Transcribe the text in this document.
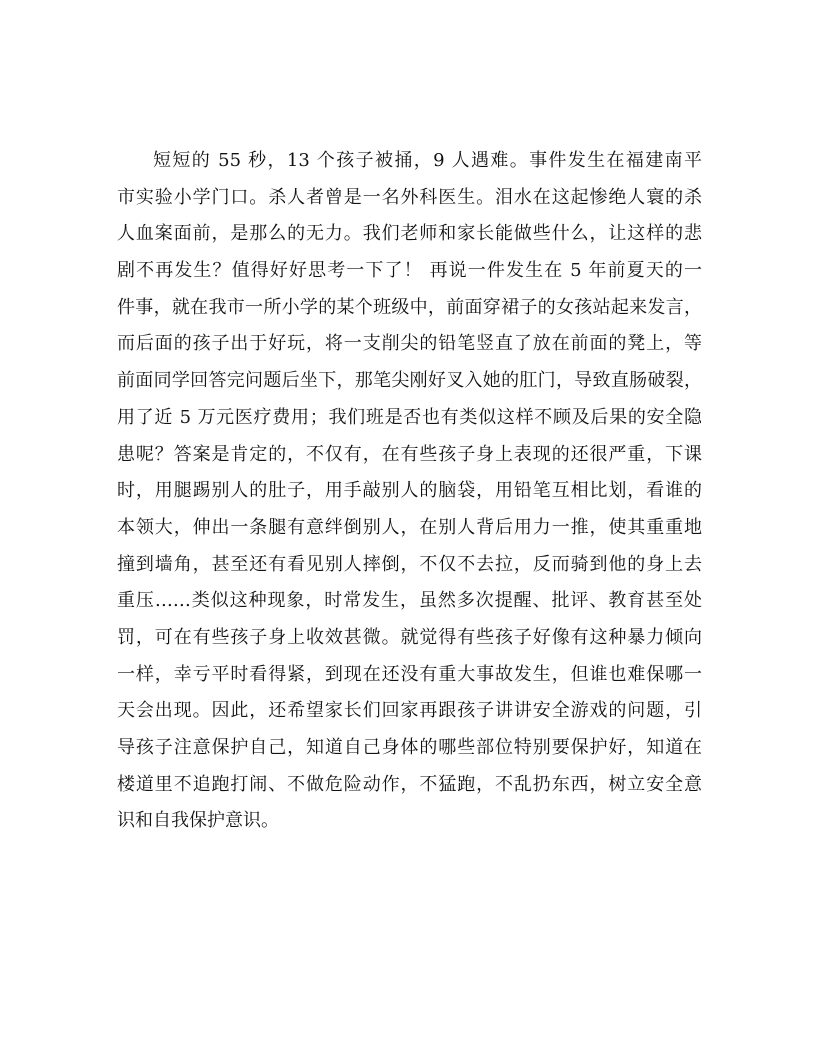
短短的 55 秒，13 个孩子被捅，9 人遇难。事件发生在福建南平
市实验小学门口。杀人者曾是一名外科医生。泪水在这起惨绝人寰的杀
人血案面前，是那么的无力。我们老师和家长能做些什么，让这样的悲
剧不再发生？值得好好思考一下了！ 再说一件发生在 5 年前夏天的一
件事，就在我市一所小学的某个班级中，前面穿裙子的女孩站起来发言，
而后面的孩子出于好玩，将一支削尖的铅笔竖直了放在前面的凳上，等
前面同学回答完问题后坐下，那笔尖刚好叉入她的肛门，导致直肠破裂，
用了近 5 万元医疗费用；我们班是否也有类似这样不顾及后果的安全隐
患呢？答案是肯定的，不仅有，在有些孩子身上表现的还很严重，下课
时，用腿踢别人的肚子，用手敲别人的脑袋，用铅笔互相比划，看谁的
本领大，伸出一条腿有意绊倒别人，在别人背后用力一推，使其重重地
撞到墙角，甚至还有看见别人摔倒，不仅不去拉，反而骑到他的身上去
重压……类似这种现象，时常发生，虽然多次提醒、批评、教育甚至处
罚，可在有些孩子身上收效甚微。就觉得有些孩子好像有这种暴力倾向
一样，幸亏平时看得紧，到现在还没有重大事故发生，但谁也难保哪一
天会出现。因此，还希望家长们回家再跟孩子讲讲安全游戏的问题，引
导孩子注意保护自己，知道自己身体的哪些部位特别要保护好，知道在
楼道里不追跑打闹、不做危险动作，不猛跑，不乱扔东西，树立安全意
识和自我保护意识。
